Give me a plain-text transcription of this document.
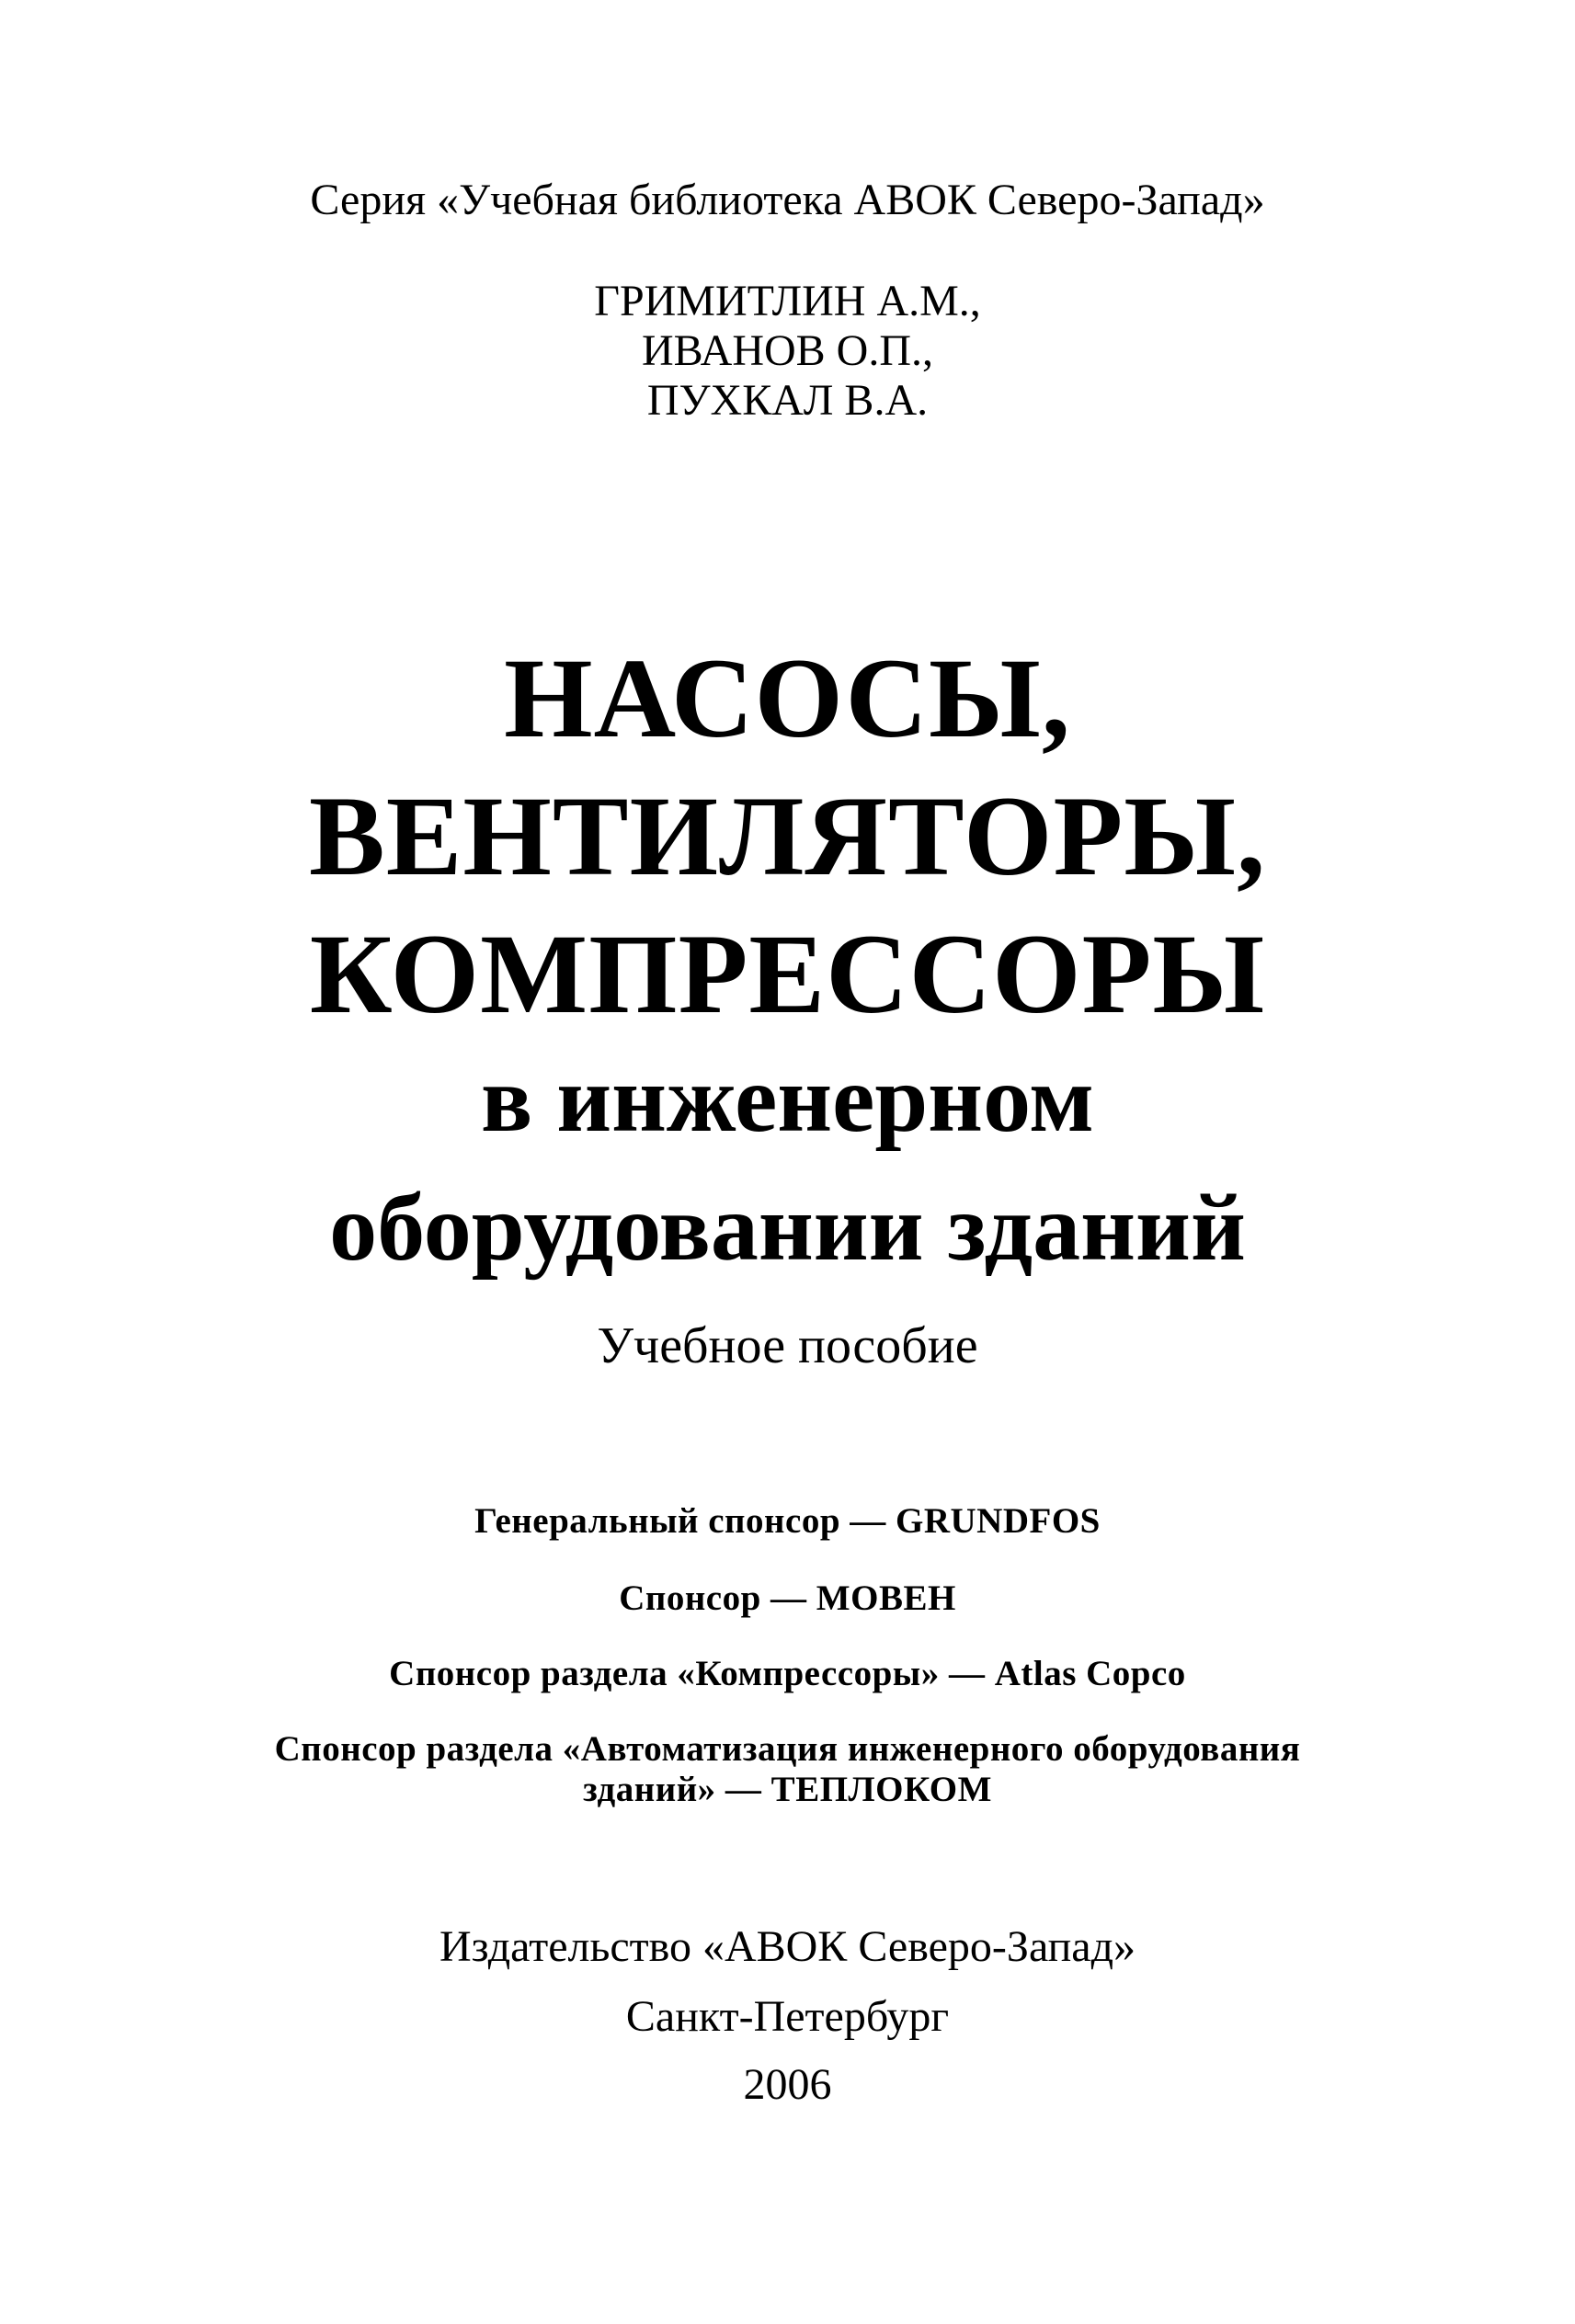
Серия «Учебная библиотека АВОК Северо-Запад»
ГРИМИТЛИН А.М.,
ИВАНОВ О.П.,
ПУХКАЛ В.А.
НАСОСЫ,
ВЕНТИЛЯТОРЫ,
КОМПРЕССОРЫ
в инженерном
оборудовании зданий
Учебное пособие
Генеральный спонсор — GRUNDFOS
Спонсор — МОВЕН
Спонсор раздела «Компрессоры» — Atlas Copco
Спонсор раздела «Автоматизация инженерного оборудования
зданий» — ТЕПЛОКОМ
Издательство «АВОК Северо-Запад»
Санкт-Петербург
2006
